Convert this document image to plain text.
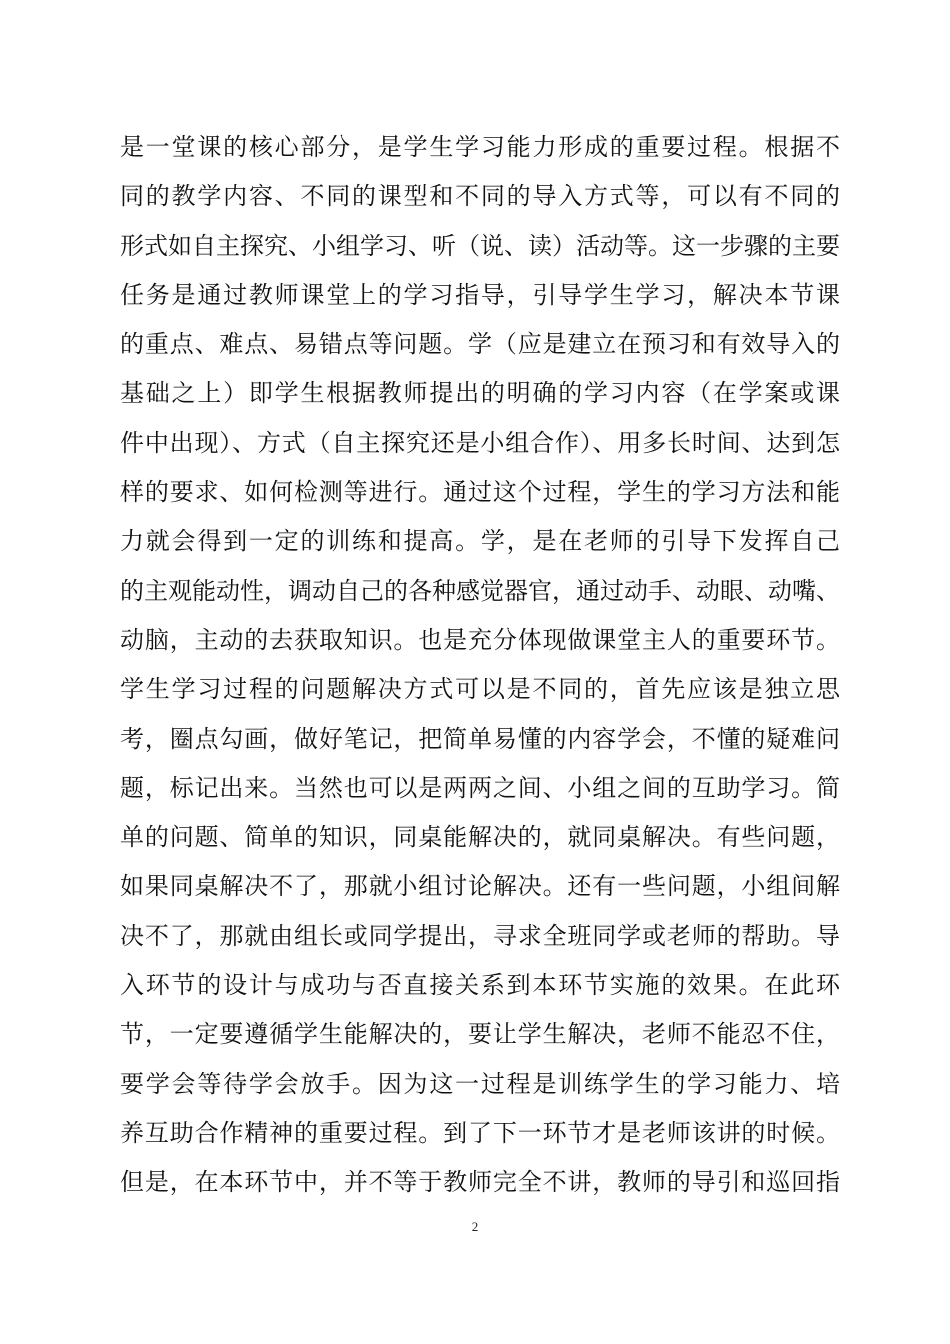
是一堂课的核心部分，是学生学习能力形成的重要过程。根据不
同的教学内容、不同的课型和不同的导入方式等，可以有不同的
形式如自主探究、小组学习、听（说、读）活动等。这一步骤的主要
任务是通过教师课堂上的学习指导，引导学生学习，解决本节课
的重点、难点、易错点等问题。学（应是建立在预习和有效导入的
基础之上）即学生根据教师提出的明确的学习内容（在学案或课
件中出现）、方式（自主探究还是小组合作）、用多长时间、达到怎
样的要求、如何检测等进行。通过这个过程，学生的学习方法和能
力就会得到一定的训练和提高。学，是在老师的引导下发挥自己
的主观能动性，调动自己的各种感觉器官，通过动手、动眼、动嘴、
动脑，主动的去获取知识。也是充分体现做课堂主人的重要环节。
学生学习过程的问题解决方式可以是不同的，首先应该是独立思
考，圈点勾画，做好笔记，把简单易懂的内容学会，不懂的疑难问
题，标记出来。当然也可以是两两之间、小组之间的互助学习。简
单的问题、简单的知识，同桌能解决的，就同桌解决。有些问题，
如果同桌解决不了，那就小组讨论解决。还有一些问题，小组间解
决不了，那就由组长或同学提出，寻求全班同学或老师的帮助。导
入环节的设计与成功与否直接关系到本环节实施的效果。在此环
节，一定要遵循学生能解决的，要让学生解决，老师不能忍不住，
要学会等待学会放手。因为这一过程是训练学生的学习能力、培
养互助合作精神的重要过程。到了下一环节才是老师该讲的时候。
但是，在本环节中，并不等于教师完全不讲，教师的导引和巡回指
2
